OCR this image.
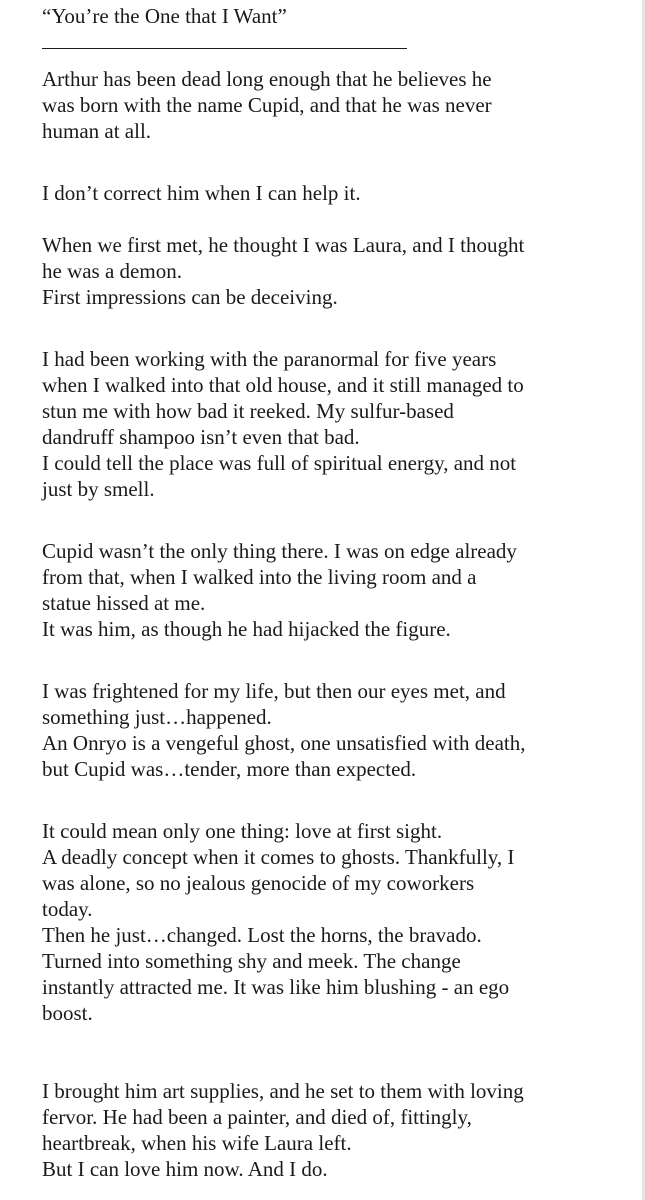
“You’re the One that I Want”
Arthur has been dead long enough that he believes he
was born with the name Cupid, and that he was never
human at all.
I don’t correct him when I can help it.
When we first met, he thought I was Laura, and I thought
he was a demon.
First impressions can be deceiving.
I had been working with the paranormal for five years
when I walked into that old house, and it still managed to
stun me with how bad it reeked. My sulfur-based
dandruff shampoo isn’t even that bad.
I could tell the place was full of spiritual energy, and not
just by smell.
Cupid wasn’t the only thing there. I was on edge already
from that, when I walked into the living room and a
statue hissed at me.
It was him, as though he had hijacked the figure.
I was frightened for my life, but then our eyes met, and
something just…happened.
An Onryo is a vengeful ghost, one unsatisfied with death,
but Cupid was…tender, more than expected.
It could mean only one thing: love at first sight.
A deadly concept when it comes to ghosts. Thankfully, I
was alone, so no jealous genocide of my coworkers
today.
Then he just…changed. Lost the horns, the bravado.
Turned into something shy and meek. The change
instantly attracted me. It was like him blushing - an ego
boost.
I brought him art supplies, and he set to them with loving
fervor. He had been a painter, and died of, fittingly,
heartbreak, when his wife Laura left.
But I can love him now. And I do.
